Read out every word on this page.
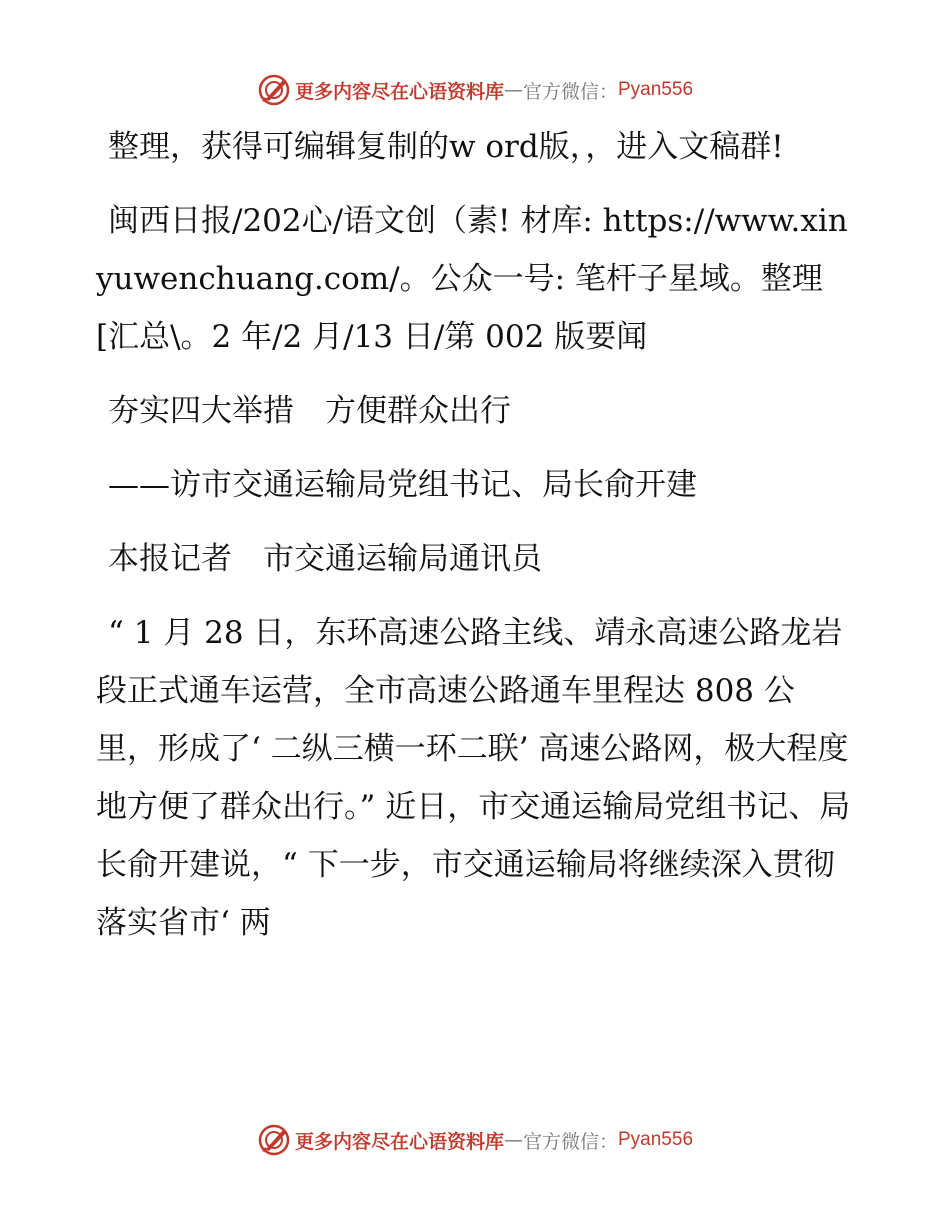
更多内容尽在心语资料库 — 官方微信： Pyan556

整理，获得可编辑复制的w ord版，，进入文稿群!

闽西日报/202心/语文创（素! 材库: https://www.xinyuwenchuang.com/。公众一号: 笔杆子星域。整理[汇总\。2 年/2 月/13 日/第 002 版要闻

夯实四大举措　方便群众出行

——访市交通运输局党组书记、局长俞开建

本报记者　市交通运输局通讯员

“ 1 月 28 日，东环高速公路主线、靖永高速公路龙岩段正式通车运营，全市高速公路通车里程达 808 公里，形成了‘ 二纵三横一环二联’ 高速公路网，极大程度地方便了群众出行。” 近日，市交通运输局党组书记、局长俞开建说，“ 下一步，市交通运输局将继续深入贯彻落实省市‘ 两

更多内容尽在心语资料库 — 官方微信： Pyan556
